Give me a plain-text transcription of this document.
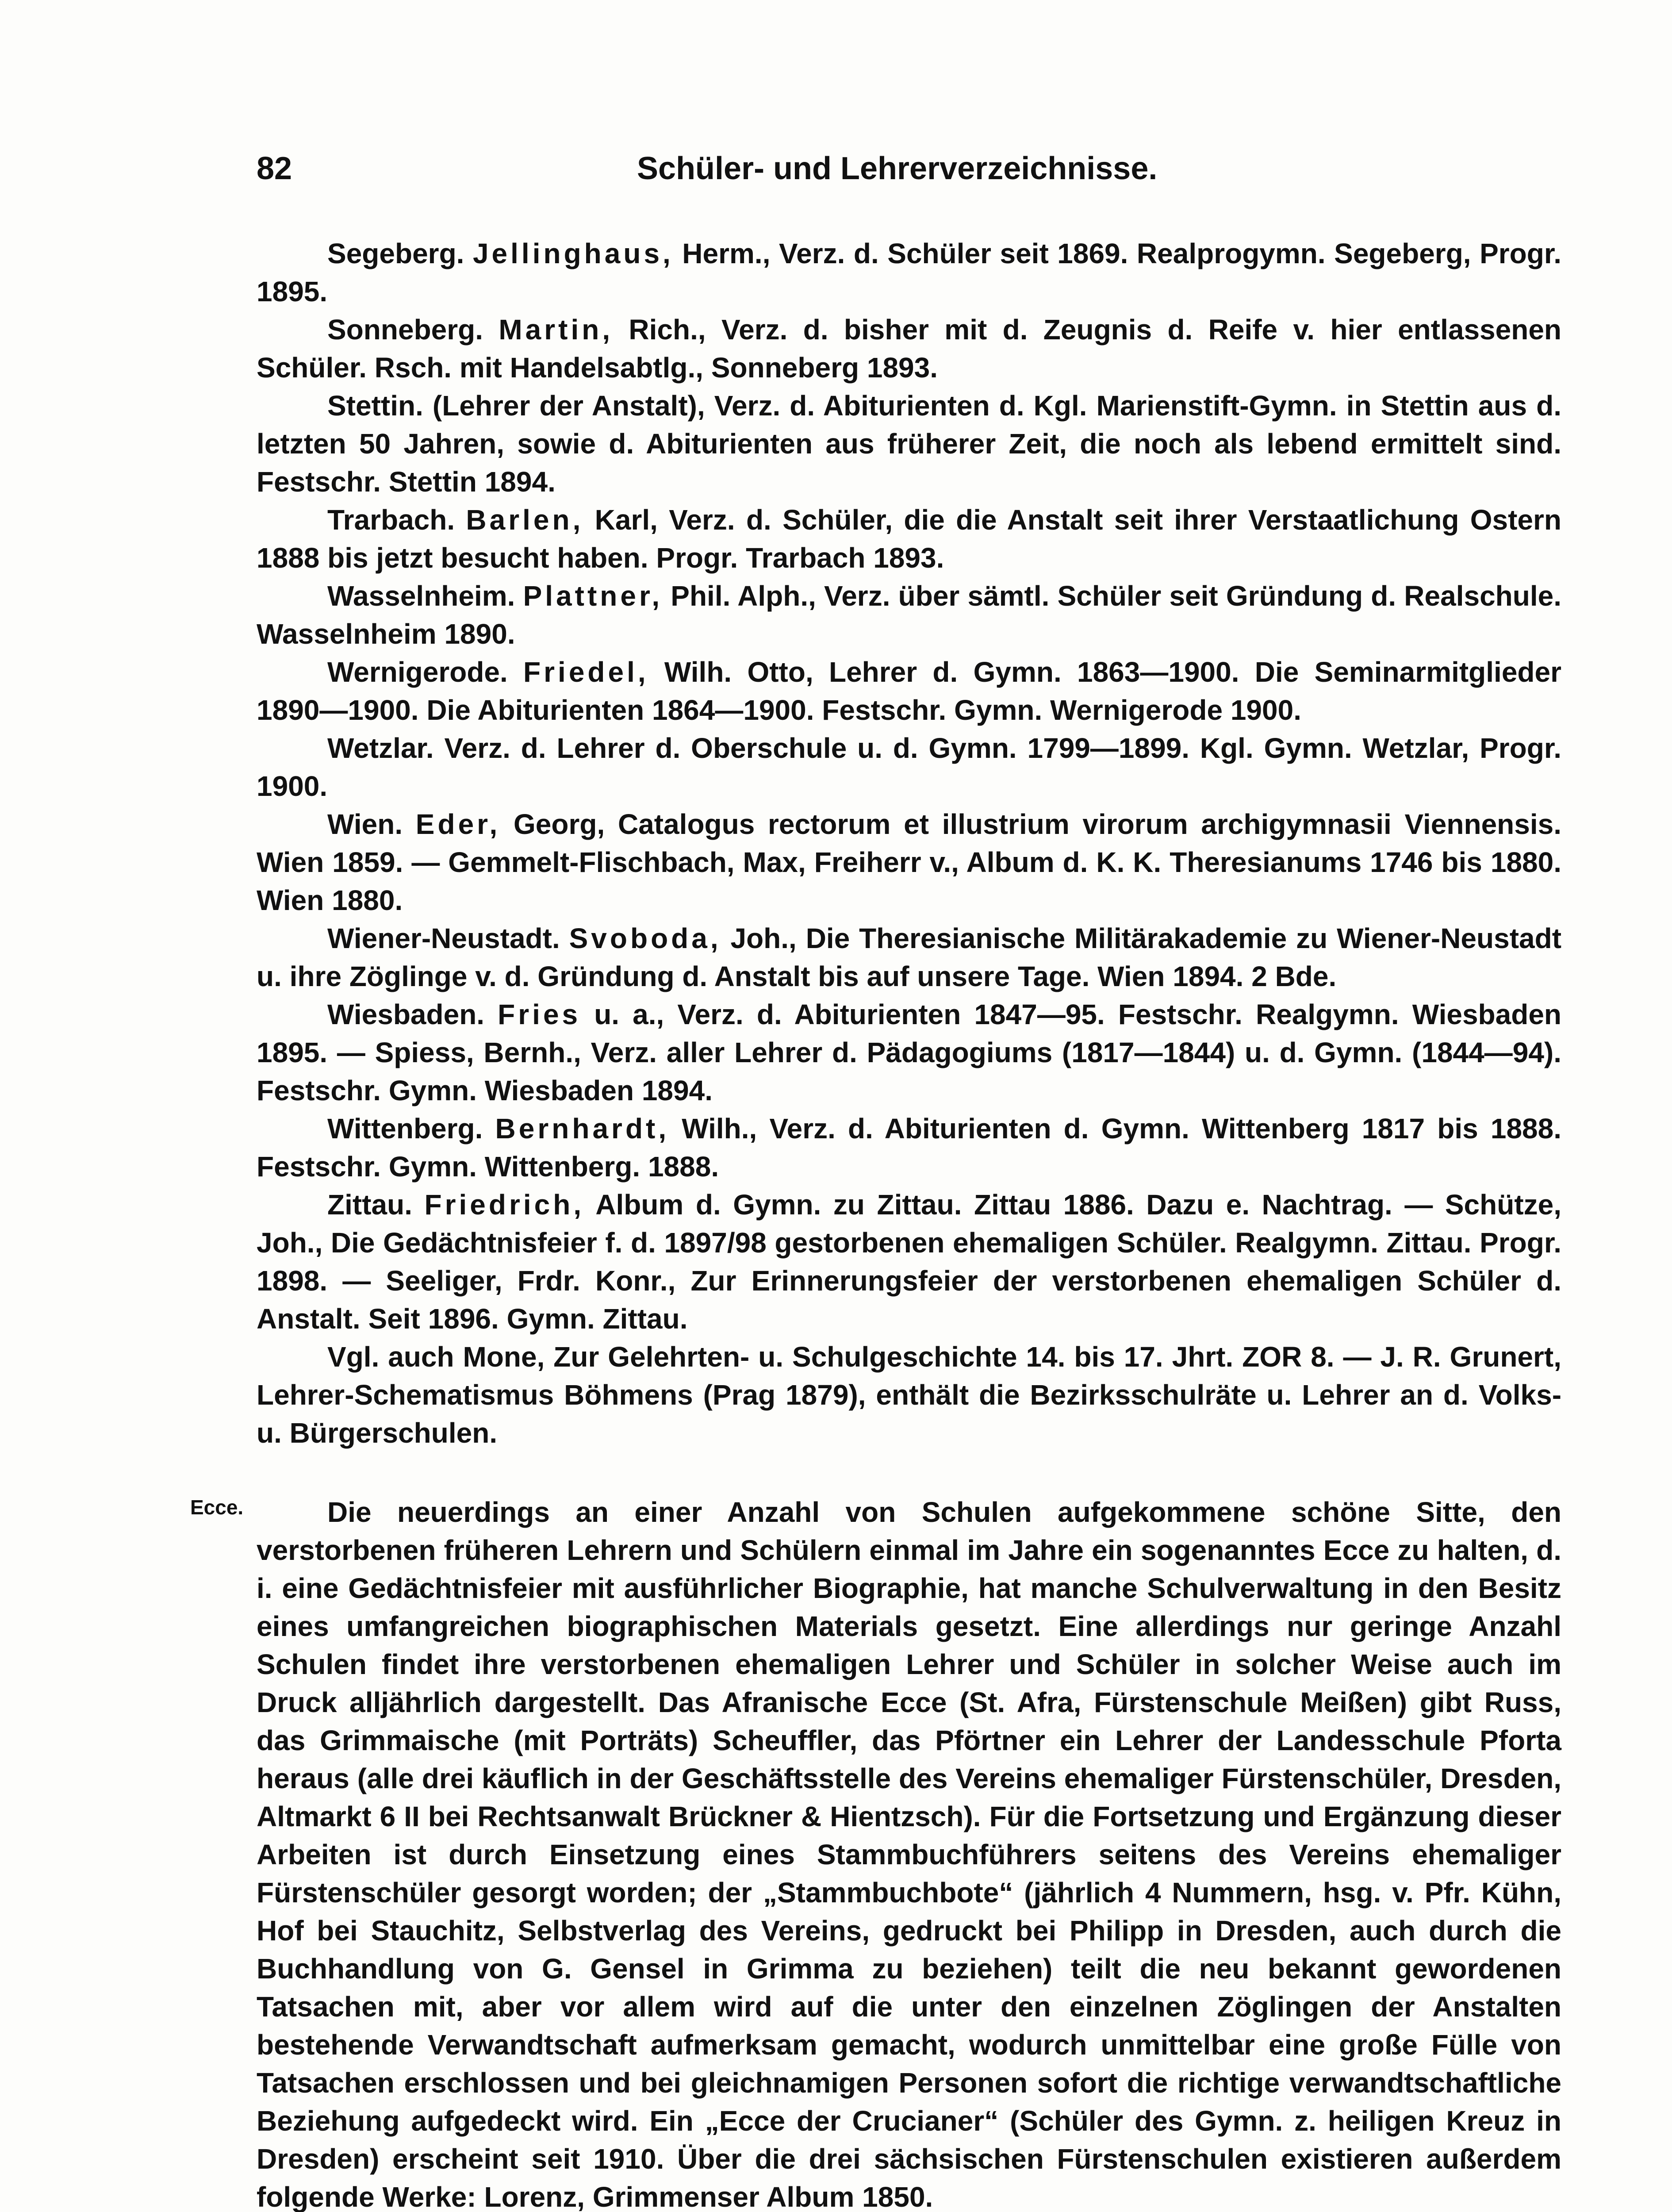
82	Schüler- und Lehrerverzeichnisse.

Segeberg. Jellinghaus, Herm., Verz. d. Schüler seit 1869. Realprogymn. Segeberg, Progr. 1895.

Sonneberg. Martin, Rich., Verz. d. bisher mit d. Zeugnis d. Reife v. hier entlassenen Schüler. Rsch. mit Handelsabtlg., Sonneberg 1893.

Stettin. (Lehrer der Anstalt), Verz. d. Abiturienten d. Kgl. Marienstift-Gymn. in Stettin aus d. letzten 50 Jahren, sowie d. Abiturienten aus früherer Zeit, die noch als lebend ermittelt sind. Festschr. Stettin 1894.

Trarbach. Barlen, Karl, Verz. d. Schüler, die die Anstalt seit ihrer Verstaatlichung Ostern 1888 bis jetzt besucht haben. Progr. Trarbach 1893.

Wasselnheim. Plattner, Phil. Alph., Verz. über sämtl. Schüler seit Gründung d. Realschule. Wasselnheim 1890.

Wernigerode. Friedel, Wilh. Otto, Lehrer d. Gymn. 1863—1900. Die Seminarmitglieder 1890—1900. Die Abiturienten 1864—1900. Festschr. Gymn. Wernigerode 1900.

Wetzlar. Verz. d. Lehrer d. Oberschule u. d. Gymn. 1799—1899. Kgl. Gymn. Wetzlar, Progr. 1900.

Wien. Eder, Georg, Catalogus rectorum et illustrium virorum archigymnasii Viennensis. Wien 1859. — Gemmelt-Flischbach, Max, Freiherr v., Album d. K. K. Theresianums 1746 bis 1880. Wien 1880.

Wiener-Neustadt. Svoboda, Joh., Die Theresianische Militärakademie zu Wiener-Neustadt u. ihre Zöglinge v. d. Gründung d. Anstalt bis auf unsere Tage. Wien 1894. 2 Bde.

Wiesbaden. Fries u. a., Verz. d. Abiturienten 1847—95. Festschr. Realgymn. Wiesbaden 1895. — Spiess, Bernh., Verz. aller Lehrer d. Pädagogiums (1817—1844) u. d. Gymn. (1844—94). Festschr. Gymn. Wiesbaden 1894.

Wittenberg. Bernhardt, Wilh., Verz. d. Abiturienten d. Gymn. Wittenberg 1817 bis 1888. Festschr. Gymn. Wittenberg. 1888.

Zittau. Friedrich, Album d. Gymn. zu Zittau. Zittau 1886. Dazu e. Nachtrag. — Schütze, Joh., Die Gedächtnisfeier f. d. 1897/98 gestorbenen ehemaligen Schüler. Realgymn. Zittau. Progr. 1898. — Seeliger, Frdr. Konr., Zur Erinnerungsfeier der verstorbenen ehemaligen Schüler d. Anstalt. Seit 1896. Gymn. Zittau.

Vgl. auch Mone, Zur Gelehrten- u. Schulgeschichte 14. bis 17. Jhrt. ZOR 8. — J. R. Grunert, Lehrer-Schematismus Böhmens (Prag 1879), enthält die Bezirksschulräte u. Lehrer an d. Volks- u. Bürgerschulen.

Ecce.	Die neuerdings an einer Anzahl von Schulen aufgekommene schöne Sitte, den verstorbenen früheren Lehrern und Schülern einmal im Jahre ein sogenanntes Ecce zu halten, d. i. eine Gedächtnisfeier mit ausführlicher Biographie, hat manche Schulverwaltung in den Besitz eines umfangreichen biographischen Materials gesetzt. Eine allerdings nur geringe Anzahl Schulen findet ihre verstorbenen ehemaligen Lehrer und Schüler in solcher Weise auch im Druck alljährlich dargestellt. Das Afranische Ecce (St. Afra, Fürstenschule Meißen) gibt Russ, das Grimmaische (mit Porträts) Scheuffler, das Pförtner ein Lehrer der Landesschule Pforta heraus (alle drei käuflich in der Geschäftsstelle des Vereins ehemaliger Fürstenschüler, Dresden, Altmarkt 6 II bei Rechtsanwalt Brückner & Hientzsch). Für die Fortsetzung und Ergänzung dieser Arbeiten ist durch Einsetzung eines Stammbuchführers seitens des Vereins ehemaliger Fürstenschüler gesorgt worden; der „Stammbuchbote“ (jährlich 4 Nummern, hsg. v. Pfr. Kühn, Hof bei Stauchitz, Selbstverlag des Vereins, gedruckt bei Philipp in Dresden, auch durch die Buchhandlung von G. Gensel in Grimma zu beziehen) teilt die neu bekannt gewordenen Tatsachen mit, aber vor allem wird auf die unter den einzelnen Zöglingen der Anstalten bestehende Verwandtschaft aufmerksam gemacht, wodurch unmittelbar eine große Fülle von Tatsachen erschlossen und bei gleichnamigen Personen sofort die richtige verwandtschaftliche Beziehung aufgedeckt wird. Ein „Ecce der Crucianer“ (Schüler des Gymn. z. heiligen Kreuz in Dresden) erscheint seit 1910. Über die drei sächsischen Fürstenschulen existieren außerdem folgende Werke: Lorenz, Grimmenser Album 1850.
